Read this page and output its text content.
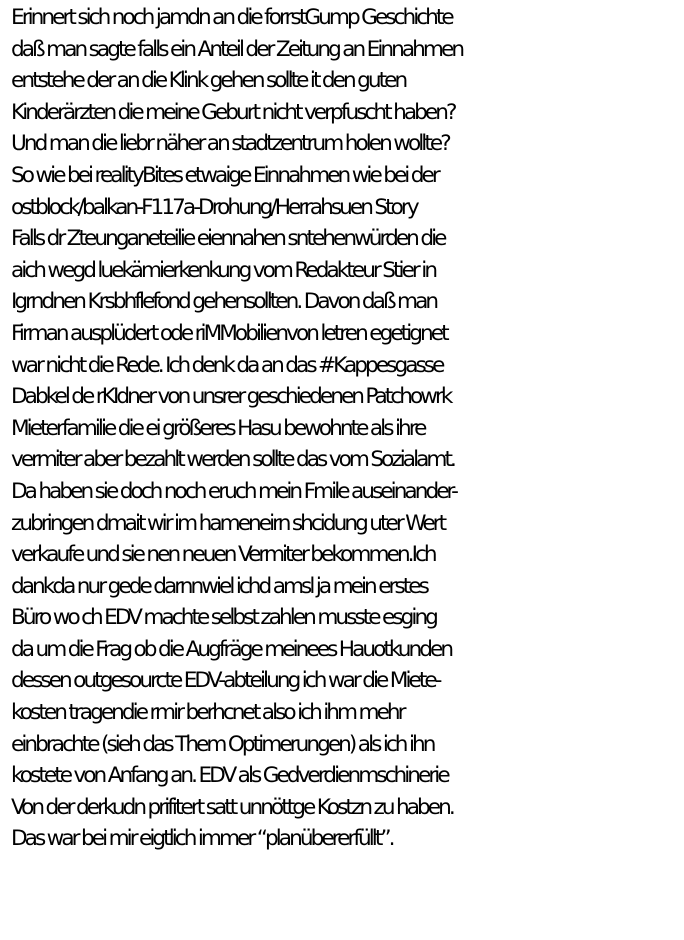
Erinnert sich noch jamdn an die forrstGump Geschichte
daß man sagte falls ein Anteil der Zeitung an Einnahmen
entstehe der an die Klink gehen sollte it den guten
Kinderärzten die meine Geburt nicht verpfuscht haben?
Und man die liebr näher an stadtzentrum holen wollte?
So wie bei realityBites etwaige Einnahmen wie bei der
ostblock/balkan-F117a-Drohung/Herrahsuen Story
Falls dr Zteunganeteilie eiennahen sntehenwürden die
aich wegd luekämierkenkung vom Redakteur Stier in
Igrndnen Krsbhflefond gehensollten. Davon daß man
Firman ausplüdert ode riMMobilienvon letren egetignet
war nicht die Rede. Ich denk da an das #Kappesgasse
Dabkel de rKIdner von unsrer geschiedenen Patchowrk
Mieterfamilie die ei größeres Hasu bewohnte als ihre
vermiter aber bezahlt werden sollte das vom Sozialamt.
Da haben sie doch noch eruch mein Fmile auseinander-
zubringen dmait wir im hameneirn shcidung uter Wert
verkaufe und sie nen neuen Vermiter bekommen.Ich
dankda nur gede darnnwiel ichd amsl ja mein erstes
Büro wo ch EDV machte selbst zahlen musste esging
da um die Frag ob die Augfräge meinees Hauotkunden
dessen outgesourcte EDV-abteilung ich war die Miete-
kosten tragendie rmir berhcnet also ich ihm mehr
einbrachte (sieh das Them Optimerungen) als ich ihn
kostete von Anfang an. EDV als Gedverdienmschinerie
Von der derkudn prifitert satt unnöttge Kostzn zu haben.
Das war bei mir eigtlich immer “planübererfüllt”.
